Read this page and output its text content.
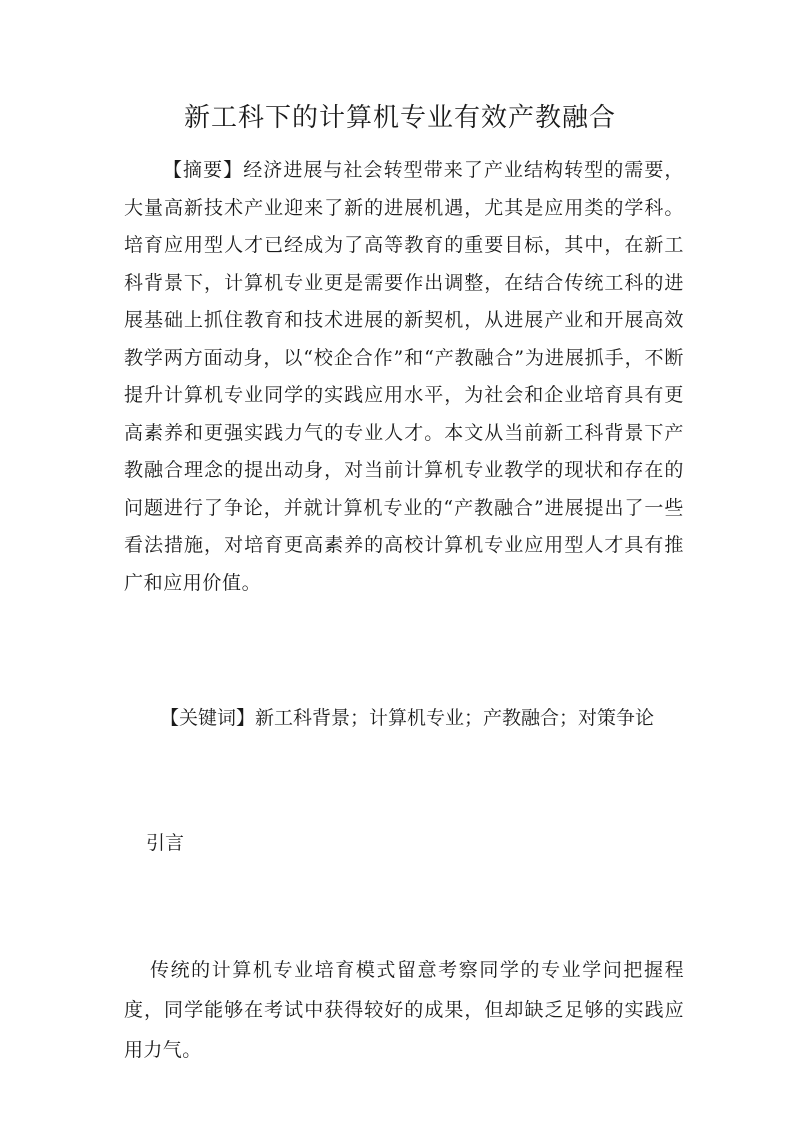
新工科下的计算机专业有效产教融合

【摘要】经济进展与社会转型带来了产业结构转型的需要，大量高新技术产业迎来了新的进展机遇，尤其是应用类的学科。培育应用型人才已经成为了高等教育的重要目标，其中，在新工科背景下，计算机专业更是需要作出调整，在结合传统工科的进展基础上抓住教育和技术进展的新契机，从进展产业和开展高效教学两方面动身，以“校企合作”和“产教融合”为进展抓手，不断提升计算机专业同学的实践应用水平，为社会和企业培育具有更高素养和更强实践力气的专业人才。本文从当前新工科背景下产教融合理念的提出动身，对当前计算机专业教学的现状和存在的问题进行了争论，并就计算机专业的“产教融合”进展提出了一些看法措施，对培育更高素养的高校计算机专业应用型人才具有推广和应用价值。

【关键词】新工科背景；计算机专业；产教融合；对策争论

引言

传统的计算机专业培育模式留意考察同学的专业学问把握程度，同学能够在考试中获得较好的成果，但却缺乏足够的实践应用力气。
